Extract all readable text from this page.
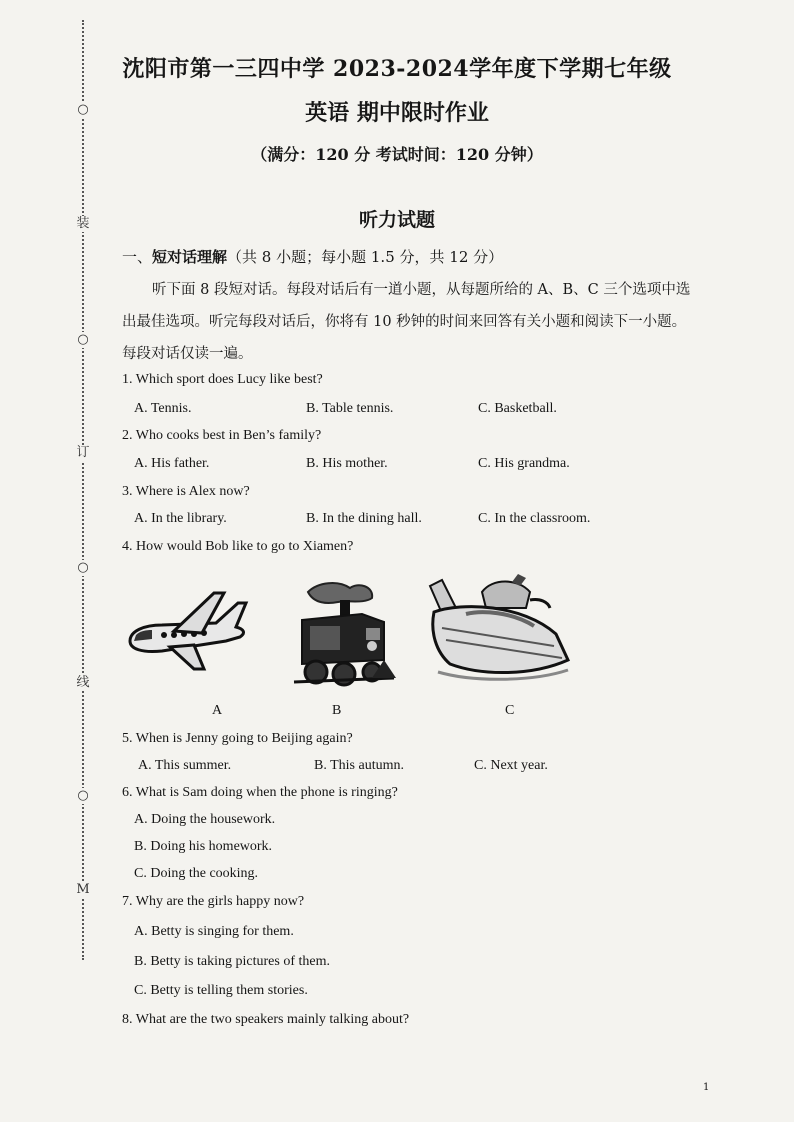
○
装
○
订
○
线
○
M
沈阳市第一三四中学 2023-2024学年度下学期七年级
英语 期中限时作业
（满分：120 分 考试时间：120 分钟）
听力试题
一、短对话理解（共 8 小题；每小题 1.5 分，共 12 分）
听下面 8 段短对话。每段对话后有一道小题，从每题所给的 A、B、C 三个选项中选出最佳选项。听完每段对话后，你将有 10 秒钟的时间来回答有关小题和阅读下一小题。每段对话仅读一遍。
1. Which sport does Lucy like best?
A. Tennis.	B. Table tennis.	C. Basketball.
2. Who cooks best in Ben’s family?
A. His father.	B. His mother.	C. His grandma.
3. Where is Alex now?
A. In the library.	B. In the dining hall.	C. In the classroom.
4. How would Bob like to go to Xiamen?
A	B	C
5. When is Jenny going to Beijing again?
A. This summer.	B. This autumn.	C. Next year.
6. What is Sam doing when the phone is ringing?
A. Doing the housework.
B. Doing his homework.
C. Doing the cooking.
7. Why are the girls happy now?
A. Betty is singing for them.
B. Betty is taking pictures of them.
C. Betty is telling them stories.
8. What are the two speakers mainly talking about?
1
